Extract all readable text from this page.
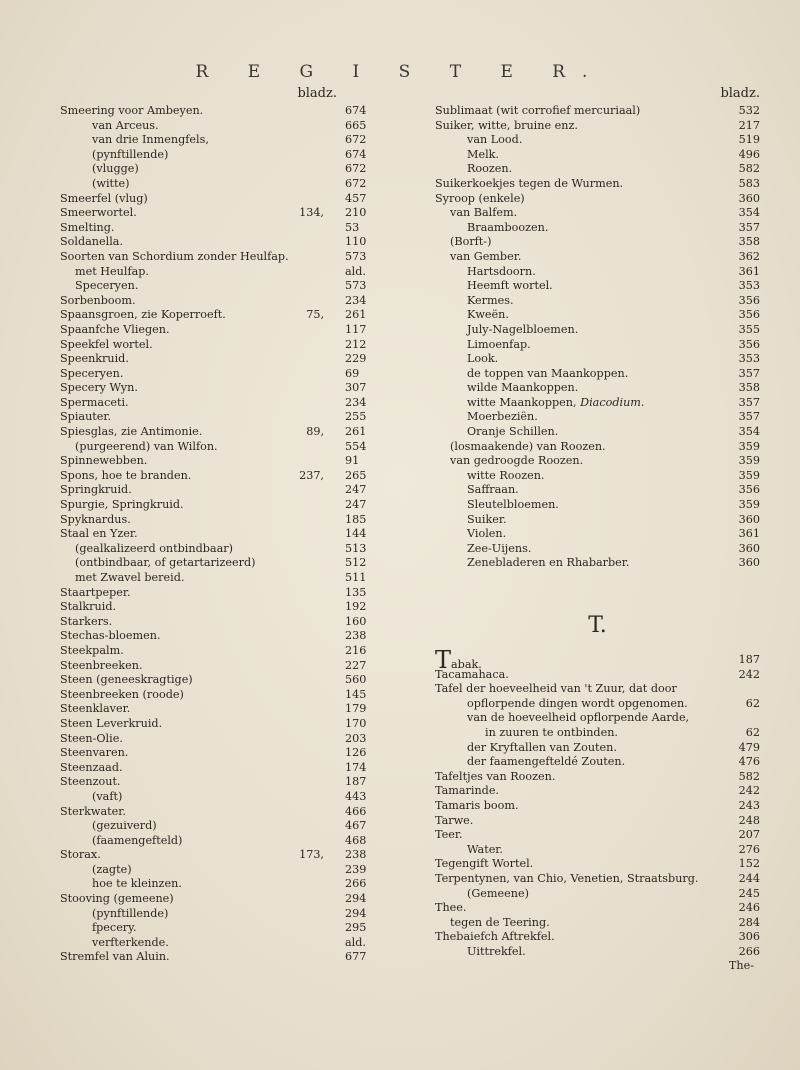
R E G I S T E R.
bladz.
Smeering voor Ambeyen.	674
van Arceus.	665
van drie Inmengfels,	672
(pynftillende)	674
(vlugge)	672
(witte)	672
Smeerfel (vlug)	457
Smeerwortel.	134, 210
Smelting.	53
Soldanella.	110
Soorten van Schordium zonder Heulfap.	573
met Heulfap.	ald.
Speceryen.	573
Sorbenboom.	234
Spaansgroen, zie Koperroeft.	75, 261
Spaanfche Vliegen.	117
Speekfel wortel.	212
Speenkruid.	229
Speceryen.	69
Specery Wyn.	307
Spermaceti.	234
Spiauter.	255
Spiesglas, zie Antimonie.	89, 261
(purgeerend) van Wilfon.	554
Spinnewebben.	91
Spons, hoe te branden.	237, 265
Springkruid.	247
Spurgie, Springkruid.	247
Spyknardus.	185
Staal en Yzer.	144
(gealkalizeerd ontbindbaar)	513
(ontbindbaar, of getartarizeerd)	512
met Zwavel bereid.	511
Staartpeper.	135
Stalkruid.	192
Starkers.	160
Stechas-bloemen.	238
Steekpalm.	216
Steenbreeken.	227
Steen (geneeskragtige)	560
Steenbreeken (roode)	145
Steenklaver.	179
Steen Leverkruid.	170
Steen-Olie.	203
Steenvaren.	126
Steenzaad.	174
Steenzout.	187
(vaft)	443
Sterkwater.	466
(gezuiverd)	467
(faamengefteld)	468
Storax.	173, 238
(zagte)	239
hoe te kleinzen.	266
Stooving (gemeene)	294
(pynftillende)	294
fpecery.	295
verfterkende.	ald.
Stremfel van Aluin.	677
bladz.
Sublimaat (wit corrofief mercuriaal)	532
Suiker, witte, bruine enz.	217
van Lood.	519
Melk.	496
Roozen.	582
Suikerkoekjes tegen de Wurmen.	583
Syroop (enkele)	360
van Balfem.	354
Braamboozen.	357
(Borft-)	358
van Gember.	362
Hartsdoorn.	361
Heemft wortel.	353
Kermes.	356
Kweën.	356
July-Nagelbloemen.	355
Limoenfap.	356
Look.	353
de toppen van Maankoppen.	357
wilde Maankoppen.	358
witte Maankoppen, Diacodium.	357
Moerbeziën.	357
Oranje Schillen.	354
(losmaakende) van Roozen.	359
van gedroogde Roozen.	359
witte Roozen.	359
Saffraan.	356
Sleutelbloemen.	359
Suiker.	360
Violen.	361
Zee-Uijens.	360
Zenebladeren en Rhabarber.	360
T.
Tabak.	187
Tacamahaca.	242
Tafel der hoeveelheid van 't Zuur, dat door
opflorpende dingen wordt opgenomen.	62
van de hoeveelheid opflorpende Aarde,
in zuuren te ontbinden.	62
der Kryftallen van Zouten.	479
der faamengefteldé Zouten.	476
Tafeltjes van Roozen.	582
Tamarinde.	242
Tamaris boom.	243
Tarwe.	248
Teer.	207
Water.	276
Tegengift Wortel.	152
Terpentynen, van Chio, Venetien, Straatsburg.	244
(Gemeene)	245
Thee.	246
tegen de Teering.	284
Thebaiefch Aftrekfel.	306
Uittrekfel.	266
The-
